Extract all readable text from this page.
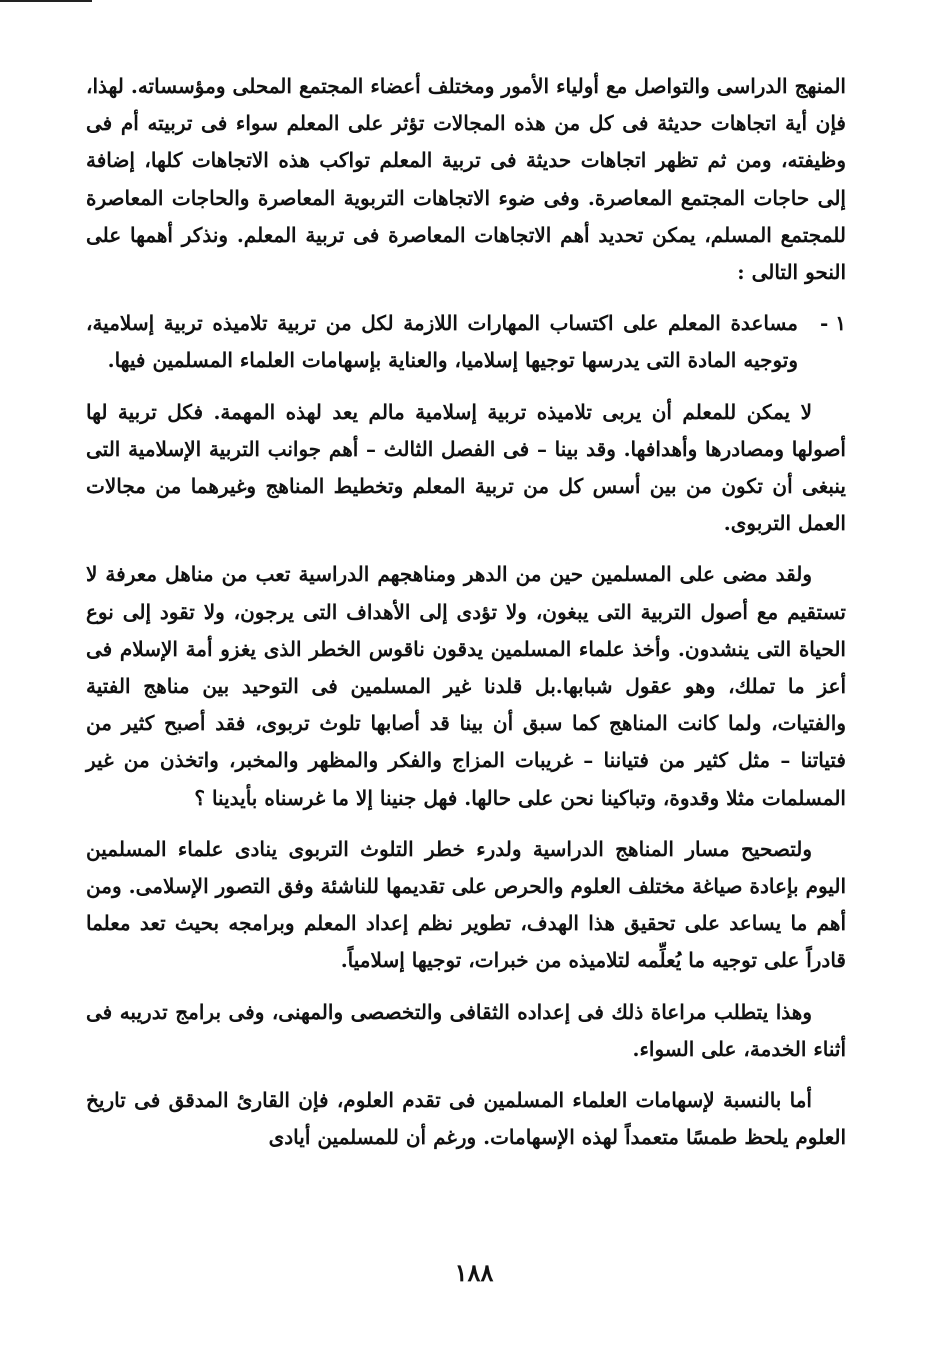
المنهج الدراسى والتواصل مع أولياء الأمور ومختلف أعضاء المجتمع المحلى ومؤسساته. لهذا، فإن أية اتجاهات حديثة فى كل من هذه المجالات تؤثر على المعلم سواء فى تربيته أم فى وظيفته، ومن ثم تظهر اتجاهات حديثة فى تربية المعلم تواكب هذه الاتجاهات كلها، إضافة إلى حاجات المجتمع المعاصرة. وفى ضوء الاتجاهات التربوية المعاصرة والحاجات المعاصرة للمجتمع المسلم، يمكن تحديد أهم الاتجاهات المعاصرة فى تربية المعلم. ونذكر أهمها على النحو التالى :

١ -
مساعدة المعلم على اكتساب المهارات اللازمة لكل من تربية تلاميذه تربية إسلامية، وتوجيه المادة التى يدرسها توجيها إسلاميا، والعناية بإسهامات العلماء المسلمين فيها.

لا يمكن للمعلم أن يربى تلاميذه تربية إسلامية مالم يعد لهذه المهمة. فكل تربية لها أصولها ومصادرها وأهدافها. وقد بينا – فى الفصل الثالث – أهم جوانب التربية الإسلامية التى ينبغى أن تكون من بين أسس كل من تربية المعلم وتخطيط المناهج وغيرهما من مجالات العمل التربوى.

ولقد مضى على المسلمين حين من الدهر ومناهجهم الدراسية تعب من مناهل معرفة لا تستقيم مع أصول التربية التى يبغون، ولا تؤدى إلى الأهداف التى يرجون، ولا تقود إلى نوع الحياة التى ينشدون. وأخذ علماء المسلمين يدقون ناقوس الخطر الذى يغزو أمة الإسلام فى أعز ما تملك، وهو عقول شبابها.بل قلدنا غير المسلمين فى التوحيد بين مناهج الفتية والفتيات، ولما كانت المناهج كما سبق أن بينا قد أصابها تلوث تربوى، فقد أصبح كثير من فتياتنا – مثل كثير من فتياننا – غريبات المزاج والفكر والمظهر والمخبر، واتخذن من غير المسلمات مثلا وقدوة، وتباكينا نحن على حالها. فهل جنينا إلا ما غرسناه بأيدينا ؟

ولتصحيح مسار المناهج الدراسية ولدرء خطر التلوث التربوى ينادى علماء المسلمين اليوم بإعادة صياغة مختلف العلوم والحرص على تقديمها للناشئة وفق التصور الإسلامى. ومن أهم ما يساعد على تحقيق هذا الهدف، تطوير نظم إعداد المعلم وبرامجه بحيث تعد معلما قادراً على توجيه ما يُعلِّمه لتلاميذه من خبرات، توجيها إسلامياً.

وهذا يتطلب مراعاة ذلك فى إعداده الثقافى والتخصصى والمهنى، وفى برامج تدريبه فى أثناء الخدمة، على السواء.

أما بالنسبة لإسهامات العلماء المسلمين فى تقدم العلوم، فإن القارئ المدقق فى تاريخ العلوم يلحظ طمسًا متعمداً لهذه الإسهامات. ورغم أن للمسلمين أيادى

١٨٨
